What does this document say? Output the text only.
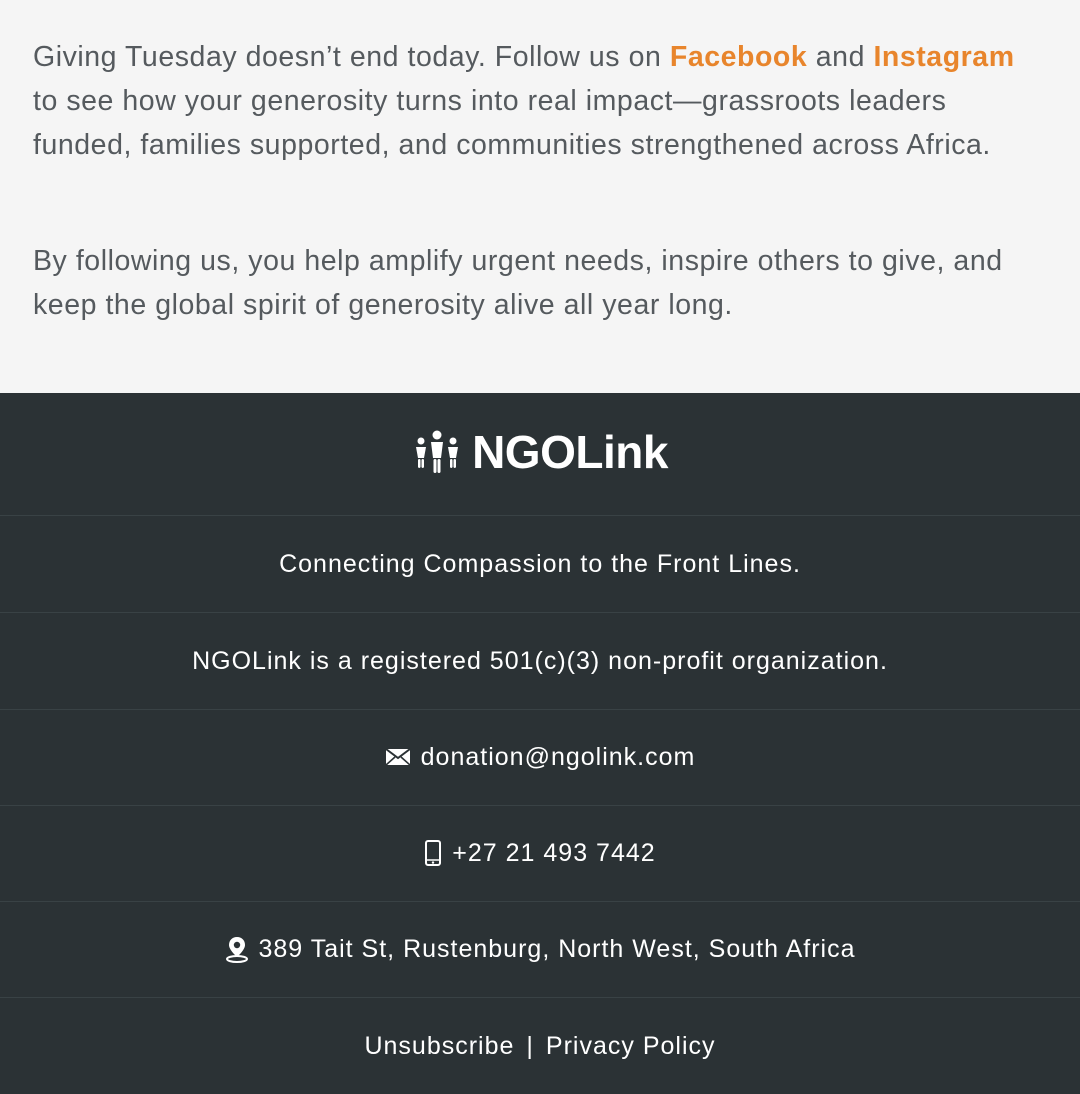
Giving Tuesday doesn’t end today. Follow us on Facebook and Instagram to see how your generosity turns into real impact—grassroots leaders funded, families supported, and communities strengthened across Africa.

By following us, you help amplify urgent needs, inspire others to give, and keep the global spirit of generosity alive all year long.

NGOLink
Connecting Compassion to the Front Lines.
NGOLink is a registered 501(c)(3) non-profit organization.
donation@ngolink.com
+27 21 493 7442
389 Tait St, Rustenburg, North West, South Africa
Unsubscribe | Privacy Policy
